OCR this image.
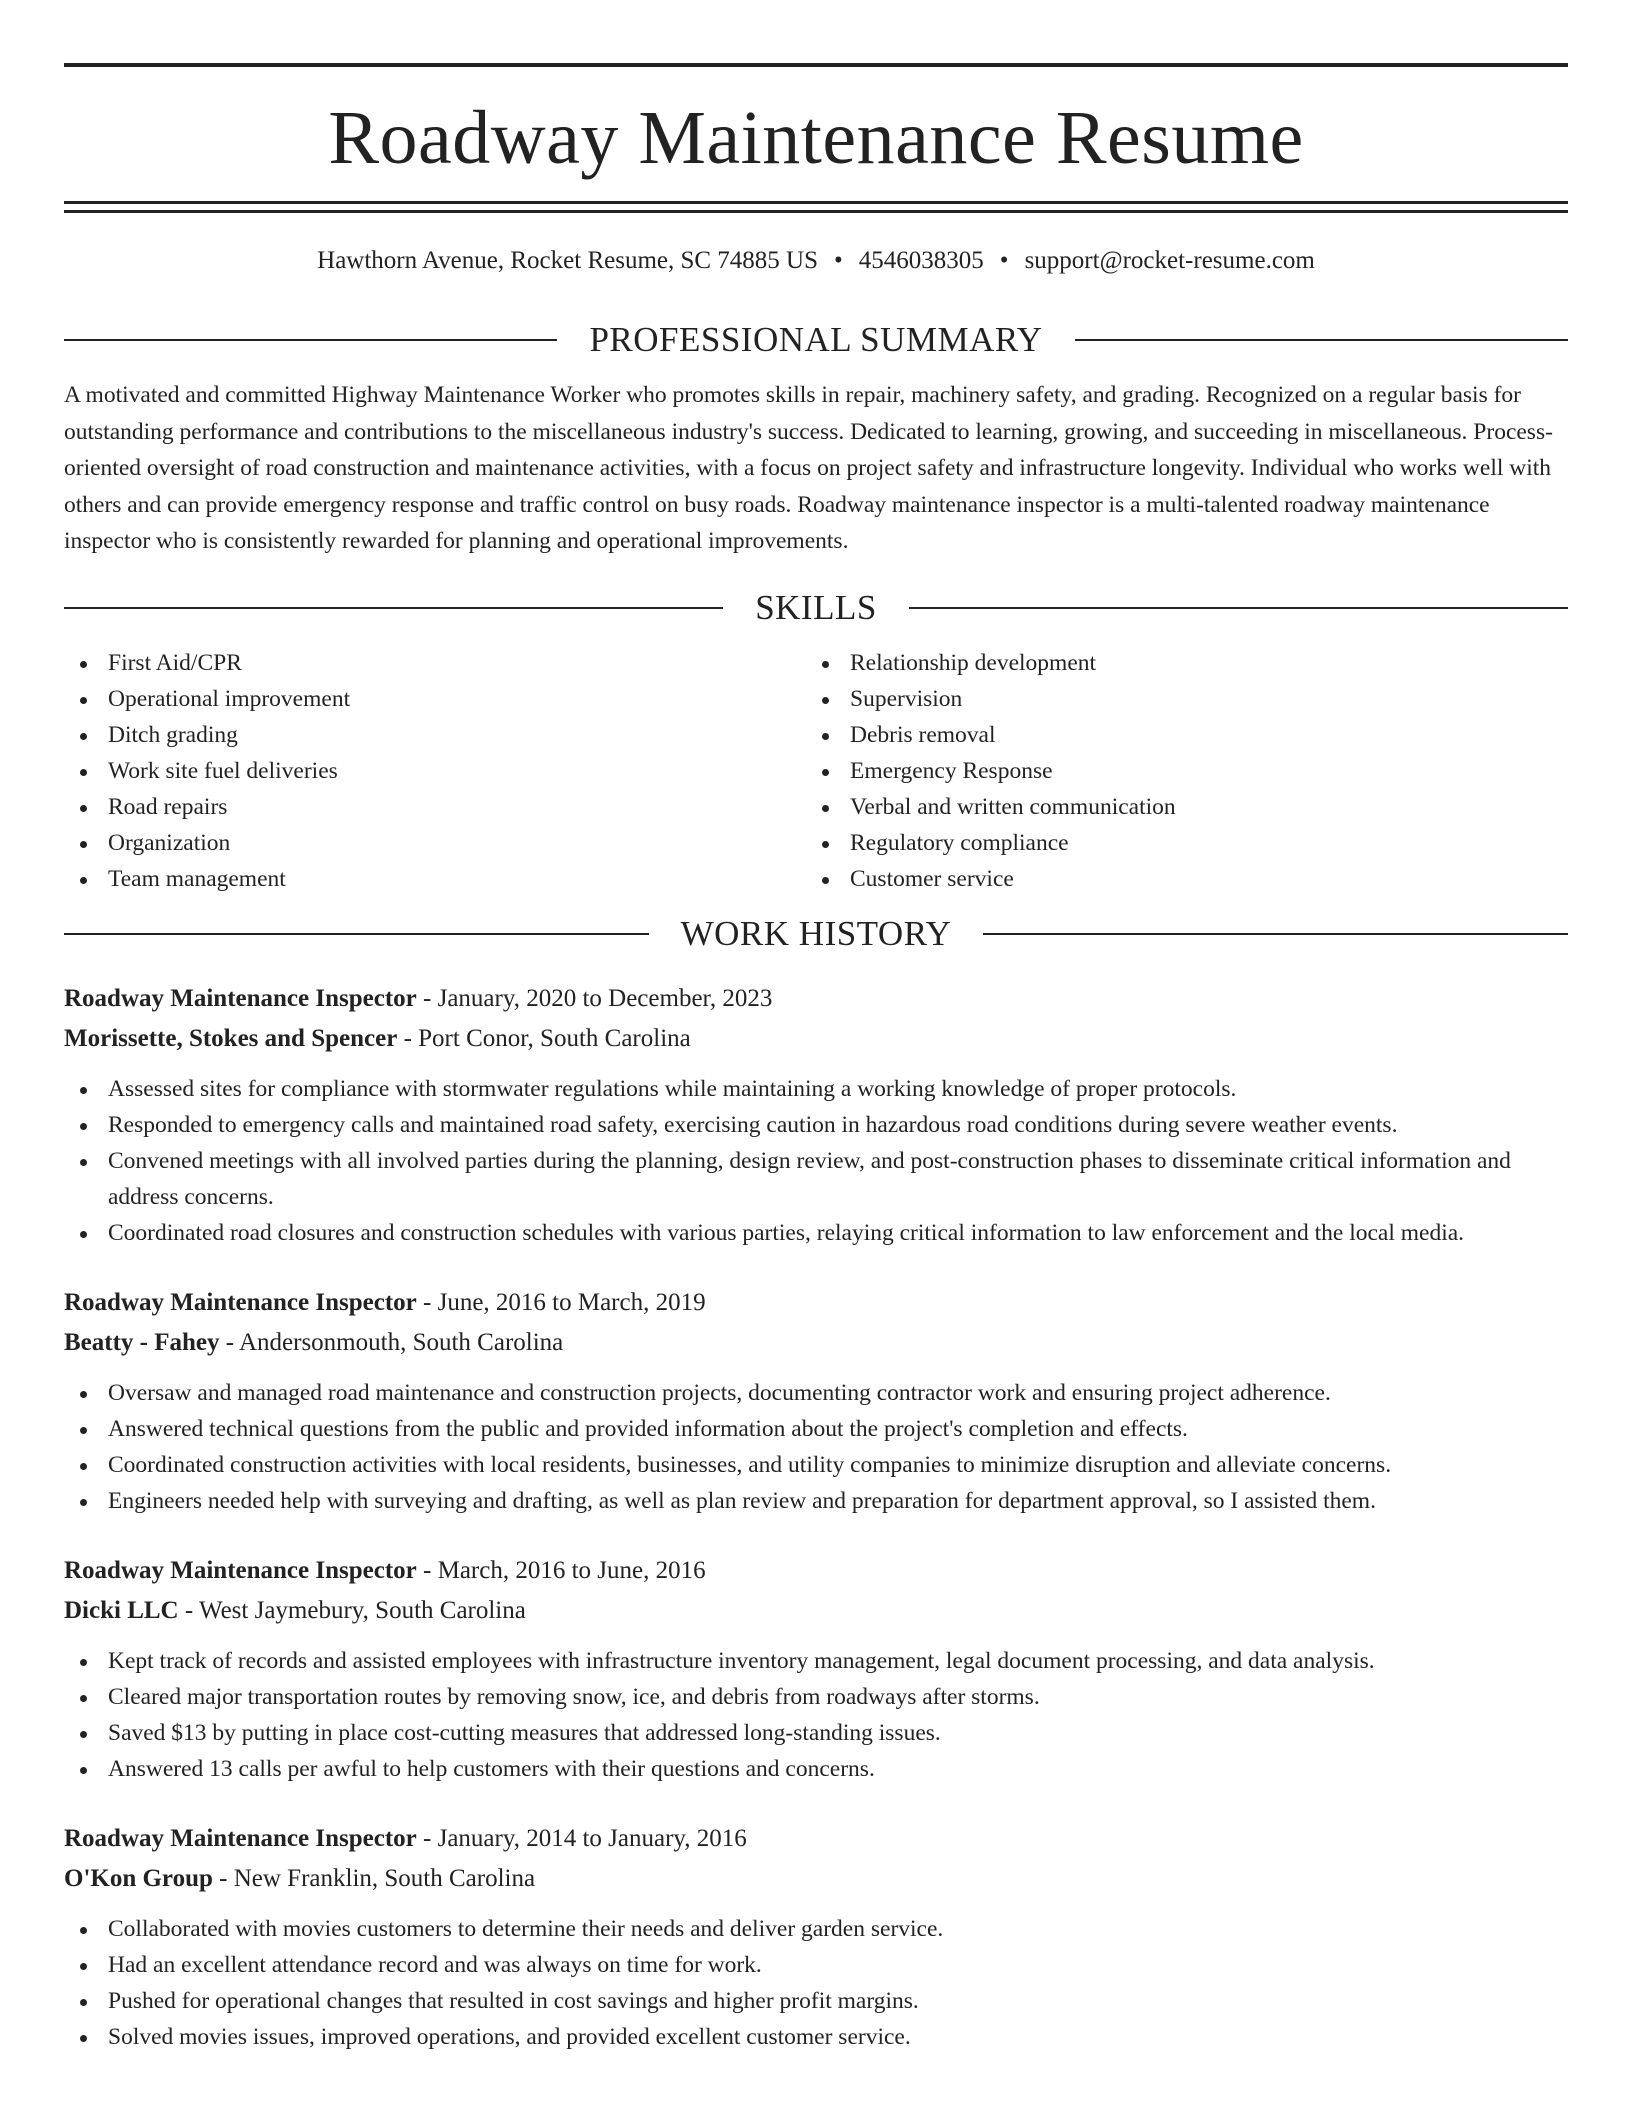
Roadway Maintenance Resume
Hawthorn Avenue, Rocket Resume, SC 74885 US • 4546038305 • support@rocket-resume.com
PROFESSIONAL SUMMARY
A motivated and committed Highway Maintenance Worker who promotes skills in repair, machinery safety, and grading. Recognized on a regular basis for outstanding performance and contributions to the miscellaneous industry's success. Dedicated to learning, growing, and succeeding in miscellaneous. Process-oriented oversight of road construction and maintenance activities, with a focus on project safety and infrastructure longevity. Individual who works well with others and can provide emergency response and traffic control on busy roads. Roadway maintenance inspector is a multi-talented roadway maintenance inspector who is consistently rewarded for planning and operational improvements.
SKILLS
First Aid/CPR
Operational improvement
Ditch grading
Work site fuel deliveries
Road repairs
Organization
Team management
Relationship development
Supervision
Debris removal
Emergency Response
Verbal and written communication
Regulatory compliance
Customer service
WORK HISTORY
Roadway Maintenance Inspector - January, 2020 to December, 2023
Morissette, Stokes and Spencer - Port Conor, South Carolina
Assessed sites for compliance with stormwater regulations while maintaining a working knowledge of proper protocols.
Responded to emergency calls and maintained road safety, exercising caution in hazardous road conditions during severe weather events.
Convened meetings with all involved parties during the planning, design review, and post-construction phases to disseminate critical information and address concerns.
Coordinated road closures and construction schedules with various parties, relaying critical information to law enforcement and the local media.
Roadway Maintenance Inspector - June, 2016 to March, 2019
Beatty - Fahey - Andersonmouth, South Carolina
Oversaw and managed road maintenance and construction projects, documenting contractor work and ensuring project adherence.
Answered technical questions from the public and provided information about the project's completion and effects.
Coordinated construction activities with local residents, businesses, and utility companies to minimize disruption and alleviate concerns.
Engineers needed help with surveying and drafting, as well as plan review and preparation for department approval, so I assisted them.
Roadway Maintenance Inspector - March, 2016 to June, 2016
Dicki LLC - West Jaymebury, South Carolina
Kept track of records and assisted employees with infrastructure inventory management, legal document processing, and data analysis.
Cleared major transportation routes by removing snow, ice, and debris from roadways after storms.
Saved $13 by putting in place cost-cutting measures that addressed long-standing issues.
Answered 13 calls per awful to help customers with their questions and concerns.
Roadway Maintenance Inspector - January, 2014 to January, 2016
O'Kon Group - New Franklin, South Carolina
Collaborated with movies customers to determine their needs and deliver garden service.
Had an excellent attendance record and was always on time for work.
Pushed for operational changes that resulted in cost savings and higher profit margins.
Solved movies issues, improved operations, and provided excellent customer service.
